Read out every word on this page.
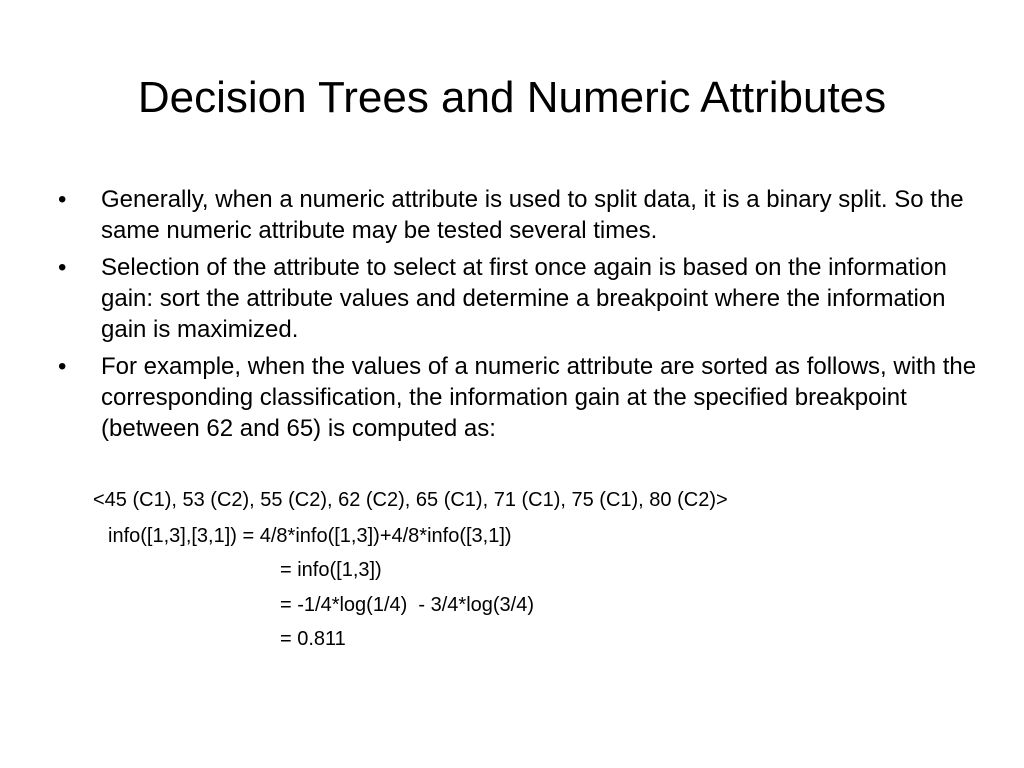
Decision Trees and Numeric Attributes
• Generally, when a numeric attribute is used to split data, it is a binary split. So the same numeric attribute may be tested several times.
• Selection of the attribute to select at first once again is based on the information gain: sort the attribute values and determine a breakpoint where the information gain is maximized.
• For example, when the values of a numeric attribute are sorted as follows, with the corresponding classification, the information gain at the specified breakpoint (between 62 and 65) is computed as:
<45 (C1), 53 (C2), 55 (C2), 62 (C2), 65 (C1), 71 (C1), 75 (C1), 80 (C2)>
info([1,3],[3,1]) = 4/8*info([1,3])+4/8*info([3,1])
= info([1,3])
= -1/4*log(1/4)  - 3/4*log(3/4)
= 0.811
